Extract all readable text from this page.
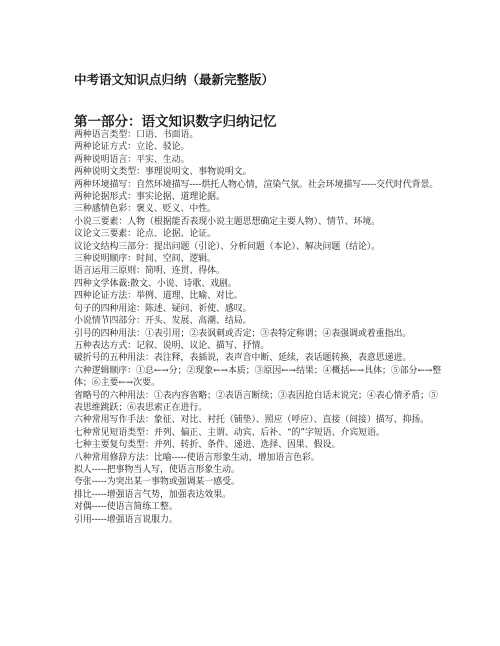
中考语文知识点归纳（最新完整版）
第一部分：语文知识数字归纳记忆
两种语言类型：口语、书面语。
两种论证方式：立论、驳论。
两种说明语言：平实、生动。
两种说明文类型：事理说明文、事物说明文。
两种环境描写：自然环境描写----烘托人物心情，渲染气氛。社会环境描写-----交代时代背景。
两种论据形式：事实论据、道理论据。
三种感情色彩：褒义、贬义、中性。
小说三要素：人物（根据能否表现小说主题思想确定主要人物）、情节、环境。
议论文三要素：论点、论据、论证。
议论文结构三部分：提出问题（引论）、分析问题（本论）、解决问题（结论）。
三种说明顺序：时间、空间、逻辑。
语言运用三原则：简明、连贯、得体。
四种文学体裁:散文、小说、诗歌、戏剧。
四种论证方法：举例、道理、比喻、对比。
句子的四种用途：陈述、疑问、祈使、感叹。
小说情节四部分：开头、发展、高潮、结局。
引号的四种用法：①表引用；②表讽刺或否定；③表特定称谓；④表强调或着重指出。
五种表达方式：记叙、说明、议论、描写、抒情。
破折号的五种用法：表注释，表插说，表声音中断、延续，表话题转换，表意思递进。
六种逻辑顺序：①总←→分；②现象←→本质；③原因←→结果；④概括←→具体；⑤部分←→整体；⑥主要←→次要。
省略号的六种用法：①表内容省略；②表语言断续；③表因抢白话未说完；④表心情矛盾；⑤表思维跳跃；⑥表思索正在进行。
六种常用写作手法：象征、对比、衬托（铺垫）、照应（呼应）、直接（间接）描写、抑扬。
七种常见短语类型：并列、偏正、主谓、动宾、后补、“的”字短语、介宾短语。
七种主要复句类型：并列、转折、条件、递进、选择、因果、假设。
八种常用修辞方法：比喻-----使语言形象生动，增加语言色彩。
拟人-----把事物当人写，使语言形象生动。
夸张-----为突出某一事物或强调某一感受。
排比-----增强语言气势，加强表达效果。
对偶-----使语言简练工整。
引用-----增强语言说服力。
